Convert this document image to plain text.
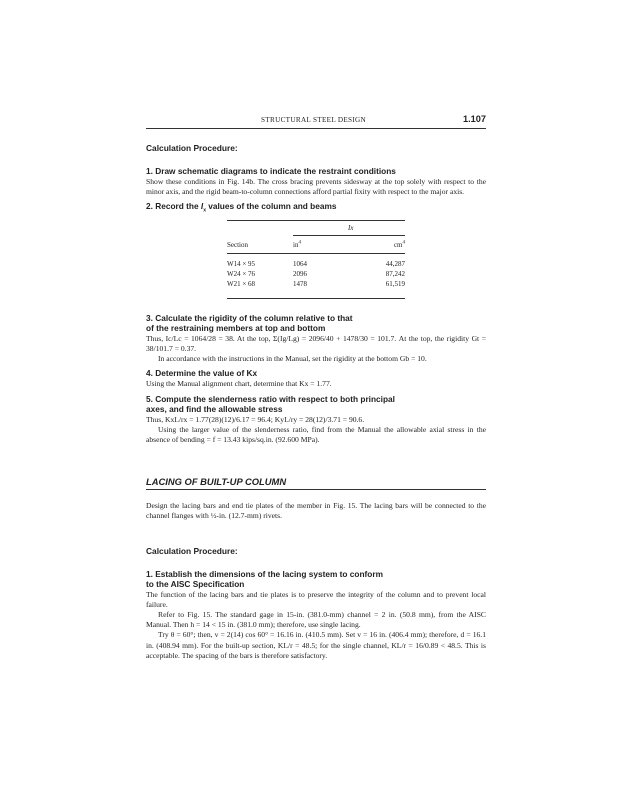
STRUCTURAL STEEL DESIGN	1.107

Calculation Procedure:

1. Draw schematic diagrams to indicate the restraint conditions

Show these conditions in Fig. 14b. The cross bracing prevents sidesway at the top solely with respect to the minor axis, and the rigid beam-to-column connections afford partial fixity with respect to the major axis.

2. Record the $I_x$ values of the column and beams

Ix
Section	$in^4$	$cm^4$
W14 × 95	1064	44,287
W24 × 76	2096	87,242
W21 × 68	1478	61,519

3. Calculate the rigidity of the column relative to that
of the restraining members at top and bottom

Thus, Ic/Lc = 1064/28 = 38. At the top, Σ(Ig/Lg) = 2096/40 + 1478/30 = 101.7. At the top, the rigidity Gt = 38/101.7 = 0.37.

In accordance with the instructions in the Manual, set the rigidity at the bottom Gb = 10.

4. Determine the value of Kx

Using the Manual alignment chart, determine that Kx = 1.77.

5. Compute the slenderness ratio with respect to both principal
axes, and find the allowable stress

Thus, KxL/rx = 1.77(28)(12)/6.17 = 96.4; KyL/ry = 28(12)/3.71 = 90.6.

Using the larger value of the slenderness ratio, find from the Manual the allowable axial stress in the absence of bending = f = 13.43 kips/sq.in. (92.600 MPa).

LACING OF BUILT-UP COLUMN

Design the lacing bars and end tie plates of the member in Fig. 15. The lacing bars will be connected to the channel flanges with ½-in. (12.7-mm) rivets.

Calculation Procedure:

1. Establish the dimensions of the lacing system to conform
to the AISC Specification

The function of the lacing bars and tie plates is to preserve the integrity of the column and to prevent local failure.

Refer to Fig. 15. The standard gage in 15-in. (381.0-mm) channel = 2 in. (50.8 mm), from the AISC Manual. Then h = 14 < 15 in. (381.0 mm); therefore, use single lacing.

Try θ = 60°; then, v = 2(14) cos 60° = 16.16 in. (410.5 mm). Set v = 16 in. (406.4 mm); therefore, d = 16.1 in. (408.94 mm). For the built-up section, KL/r = 48.5; for the single channel, KL/r = 16/0.89 < 48.5. This is acceptable. The spacing of the bars is therefore satisfactory.
